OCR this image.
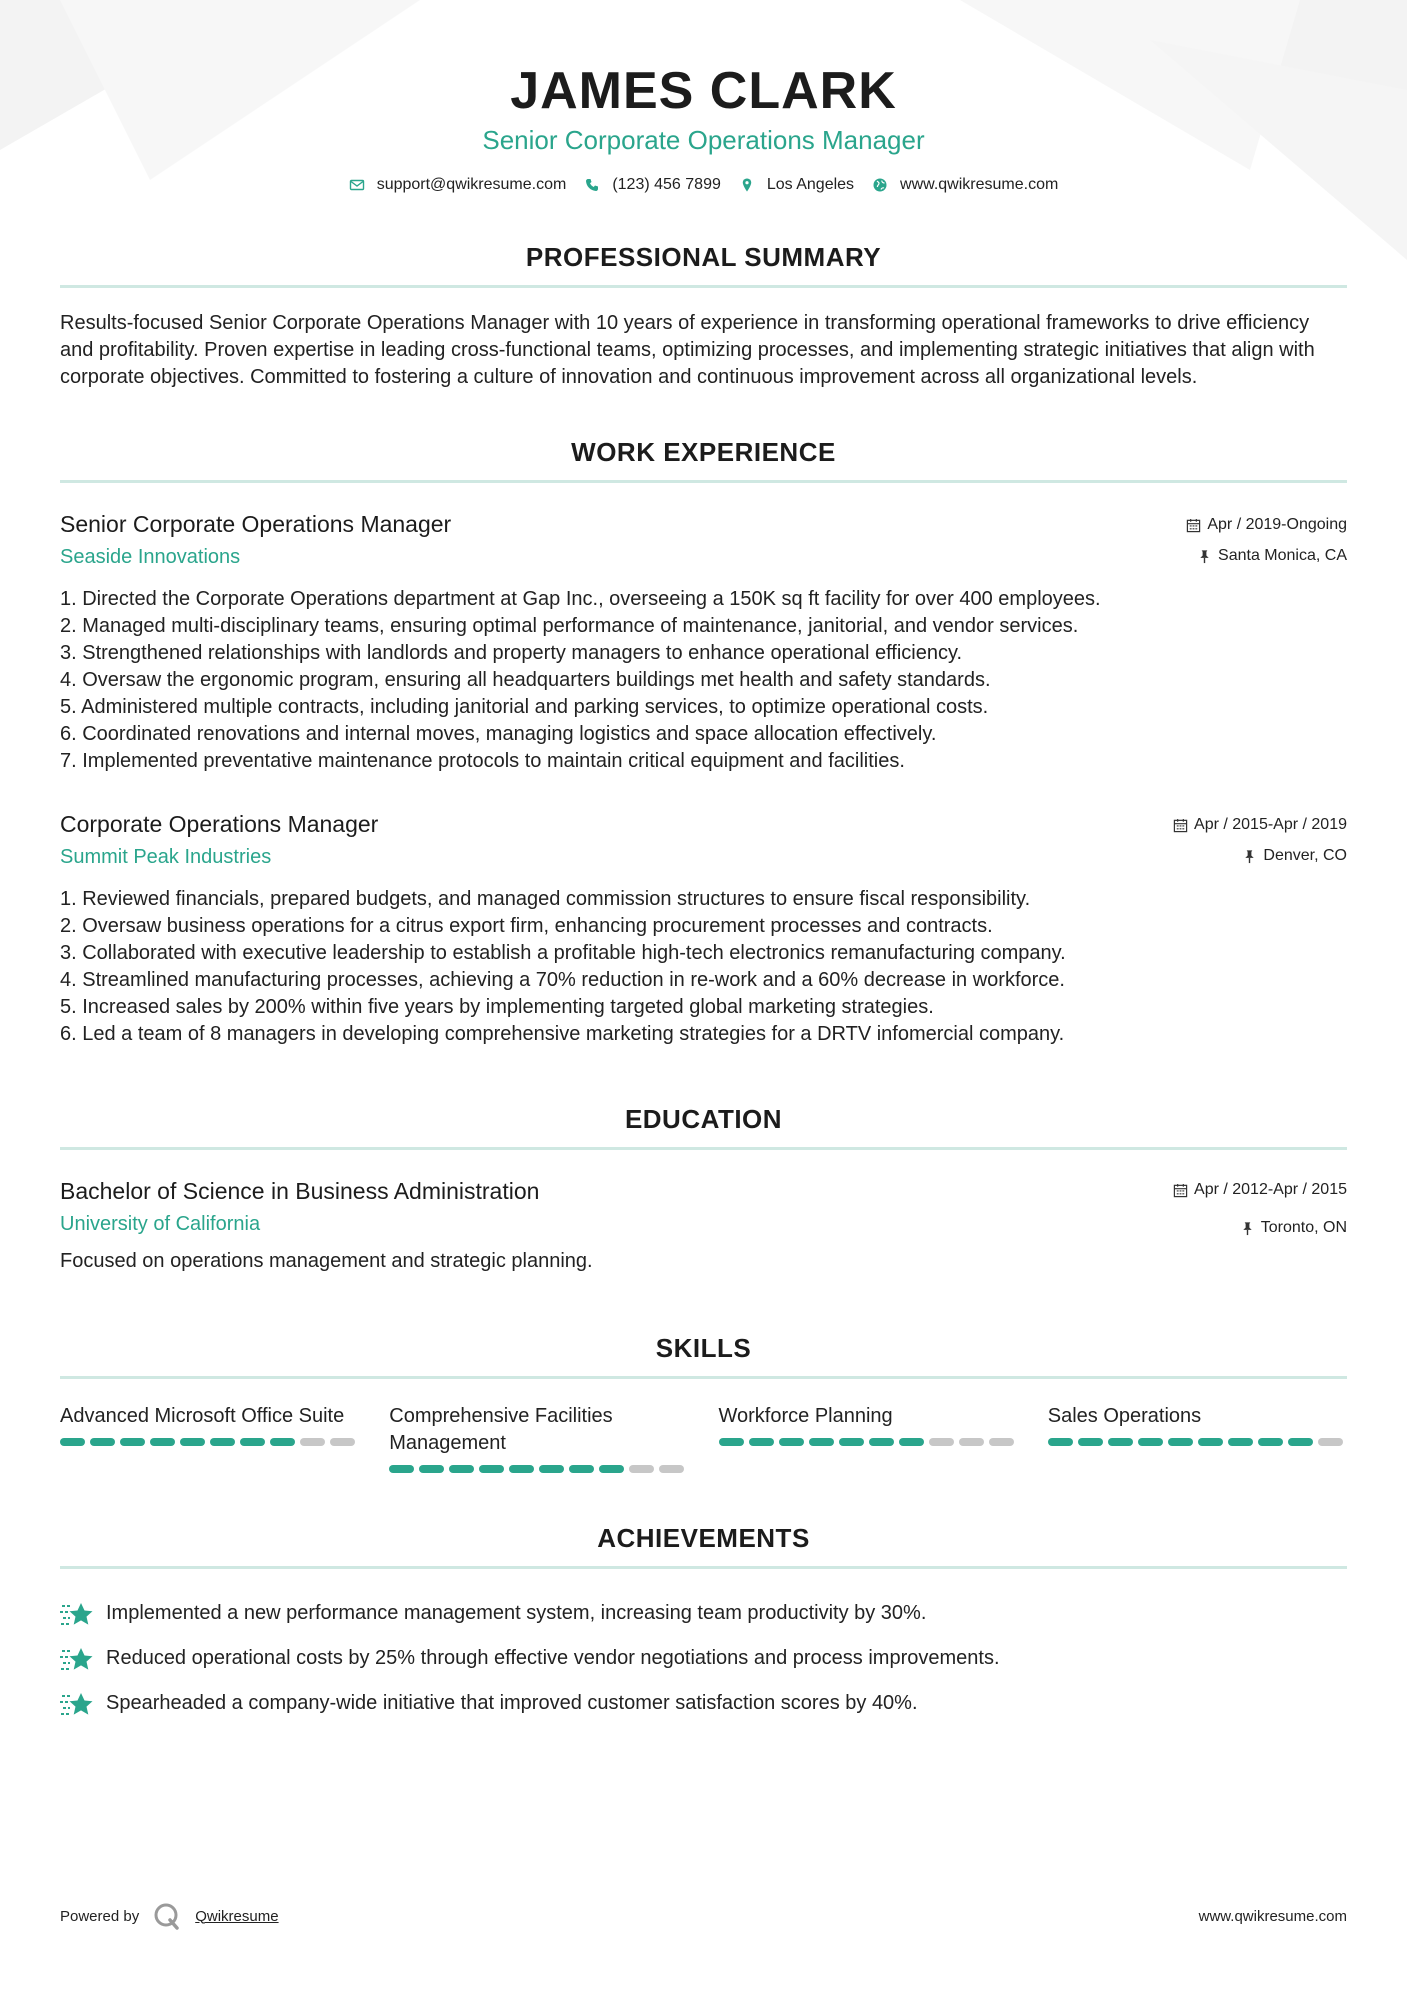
JAMES CLARK
Senior Corporate Operations Manager
support@qwikresume.com	(123) 456 7899	Los Angeles	www.qwikresume.com
PROFESSIONAL SUMMARY
Results-focused Senior Corporate Operations Manager with 10 years of experience in transforming operational frameworks to drive efficiency and profitability. Proven expertise in leading cross-functional teams, optimizing processes, and implementing strategic initiatives that align with corporate objectives. Committed to fostering a culture of innovation and continuous improvement across all organizational levels.
WORK EXPERIENCE
Senior Corporate Operations Manager
Seaside Innovations
Apr / 2019-Ongoing
Santa Monica, CA
1. Directed the Corporate Operations department at Gap Inc., overseeing a 150K sq ft facility for over 400 employees.
2. Managed multi-disciplinary teams, ensuring optimal performance of maintenance, janitorial, and vendor services.
3. Strengthened relationships with landlords and property managers to enhance operational efficiency.
4. Oversaw the ergonomic program, ensuring all headquarters buildings met health and safety standards.
5. Administered multiple contracts, including janitorial and parking services, to optimize operational costs.
6. Coordinated renovations and internal moves, managing logistics and space allocation effectively.
7. Implemented preventative maintenance protocols to maintain critical equipment and facilities.
Corporate Operations Manager
Summit Peak Industries
Apr / 2015-Apr / 2019
Denver, CO
1. Reviewed financials, prepared budgets, and managed commission structures to ensure fiscal responsibility.
2. Oversaw business operations for a citrus export firm, enhancing procurement processes and contracts.
3. Collaborated with executive leadership to establish a profitable high-tech electronics remanufacturing company.
4. Streamlined manufacturing processes, achieving a 70% reduction in re-work and a 60% decrease in workforce.
5. Increased sales by 200% within five years by implementing targeted global marketing strategies.
6. Led a team of 8 managers in developing comprehensive marketing strategies for a DRTV infomercial company.
EDUCATION
Bachelor of Science in Business Administration
University of California
Apr / 2012-Apr / 2015
Toronto, ON
Focused on operations management and strategic planning.
SKILLS
Advanced Microsoft Office Suite	Comprehensive Facilities Management
Workforce Planning	Sales Operations
ACHIEVEMENTS
Implemented a new performance management system, increasing team productivity by 30%.
Reduced operational costs by 25% through effective vendor negotiations and process improvements.
Spearheaded a company-wide initiative that improved customer satisfaction scores by 40%.
Powered by	Qwikresume	www.qwikresume.com
